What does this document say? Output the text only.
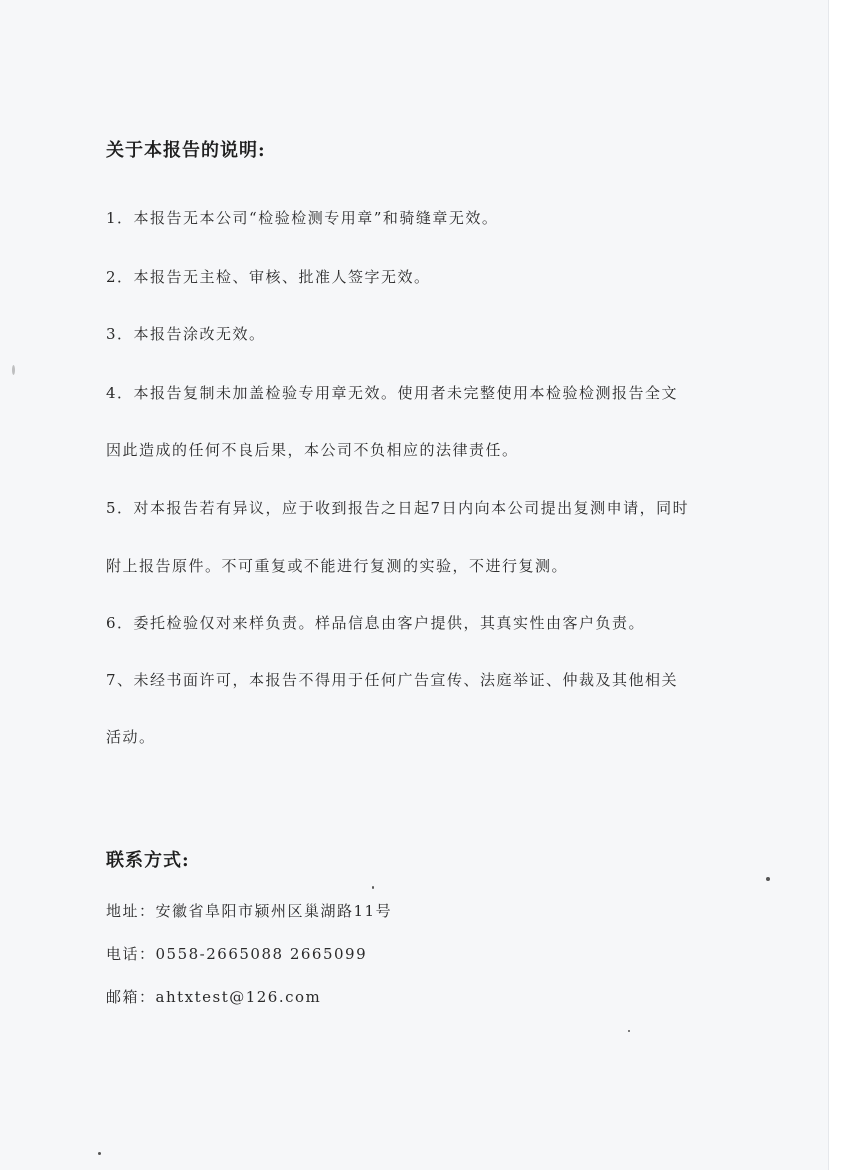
关于本报告的说明:
1．本报告无本公司“检验检测专用章”和骑缝章无效。
2．本报告无主检、审核、批准人签字无效。
3．本报告涂改无效。
4．本报告复制未加盖检验专用章无效。使用者未完整使用本检验检测报告全文
因此造成的任何不良后果，本公司不负相应的法律责任。
5．对本报告若有异议，应于收到报告之日起7日内向本公司提出复测申请，同时
附上报告原件。不可重复或不能进行复测的实验，不进行复测。
6．委托检验仅对来样负责。样品信息由客户提供，其真实性由客户负责。
7、未经书面许可，本报告不得用于任何广告宣传、法庭举证、仲裁及其他相关
活动。
联系方式:
地址：安徽省阜阳市颍州区巢湖路11号
电话：0558-2665088 2665099
邮箱：ahtxtest@126.com
